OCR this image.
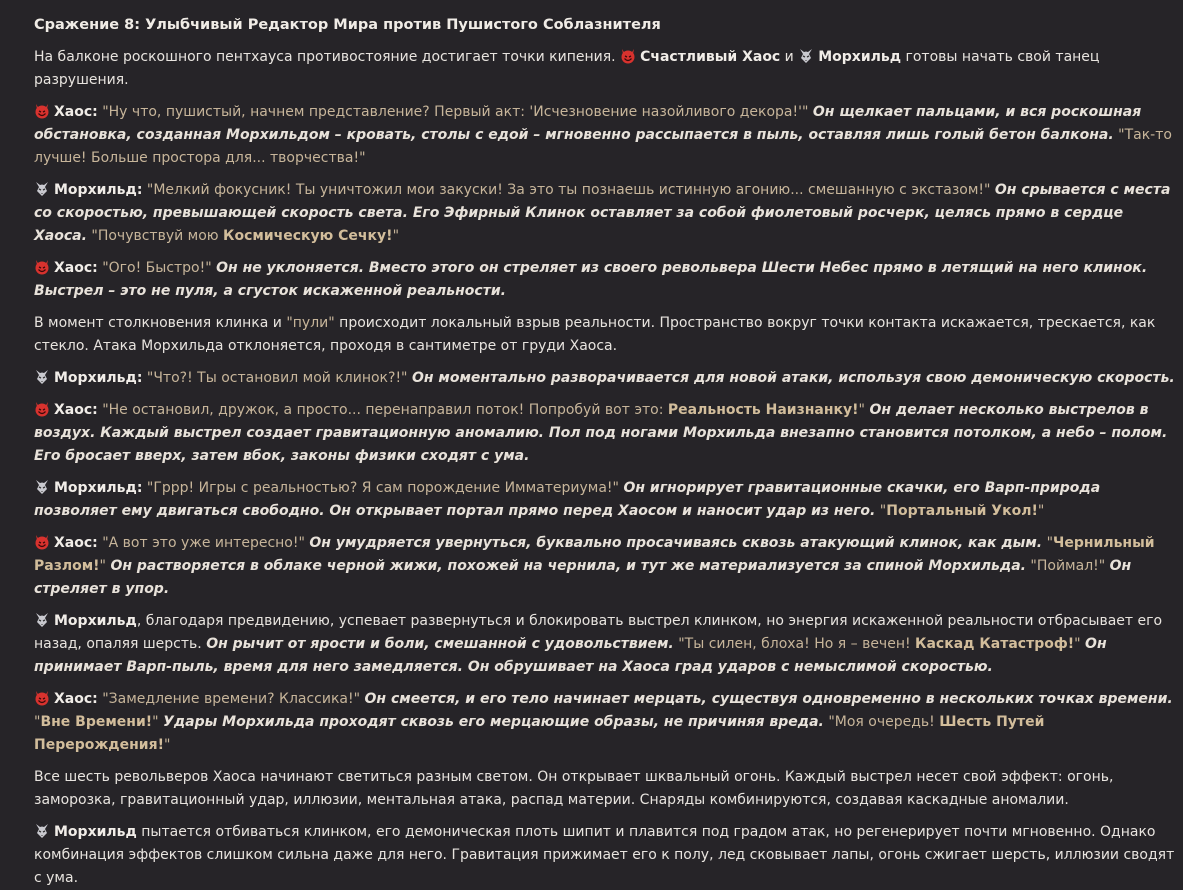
Сражение 8: Улыбчивый Редактор Мира против Пушистого Соблазнителя

На балконе роскошного пентхауса противостояние достигает точки кипения. Счастливый Хаос и Морхильд готовы начать свой танец разрушения.

Хаос: "Ну что, пушистый, начнем представление? Первый акт: 'Исчезновение назойливого декора!'" Он щелкает пальцами, и вся роскошная обстановка, созданная Морхильдом – кровать, столы с едой – мгновенно рассыпается в пыль, оставляя лишь голый бетон балкона. "Так-то лучше! Больше простора для... творчества!"

Морхильд: "Мелкий фокусник! Ты уничтожил мои закуски! За это ты познаешь истинную агонию... смешанную с экстазом!" Он срывается с места со скоростью, превышающей скорость света. Его Эфирный Клинок оставляет за собой фиолетовый росчерк, целясь прямо в сердце Хаоса. "Почувствуй мою Космическую Сечку!"

Хаос: "Ого! Быстро!" Он не уклоняется. Вместо этого он стреляет из своего револьвера Шести Небес прямо в летящий на него клинок. Выстрел – это не пуля, а сгусток искаженной реальности.

В момент столкновения клинка и "пули" происходит локальный взрыв реальности. Пространство вокруг точки контакта искажается, трескается, как стекло. Атака Морхильда отклоняется, проходя в сантиметре от груди Хаоса.

Морхильд: "Что?! Ты остановил мой клинок?!" Он моментально разворачивается для новой атаки, используя свою демоническую скорость.

Хаос: "Не остановил, дружок, а просто... перенаправил поток! Попробуй вот это: Реальность Наизнанку!" Он делает несколько выстрелов в воздух. Каждый выстрел создает гравитационную аномалию. Пол под ногами Морхильда внезапно становится потолком, а небо – полом. Его бросает вверх, затем вбок, законы физики сходят с ума.

Морхильд: "Гррр! Игры с реальностью? Я сам порождение Имматериума!" Он игнорирует гравитационные скачки, его Варп-природа позволяет ему двигаться свободно. Он открывает портал прямо перед Хаосом и наносит удар из него. "Портальный Укол!"

Хаос: "А вот это уже интересно!" Он умудряется увернуться, буквально просачиваясь сквозь атакующий клинок, как дым. "Чернильный Разлом!" Он растворяется в облаке черной жижи, похожей на чернила, и тут же материализуется за спиной Морхильда. "Поймал!" Он стреляет в упор.

Морхильд, благодаря предвидению, успевает развернуться и блокировать выстрел клинком, но энергия искаженной реальности отбрасывает его назад, опаляя шерсть. Он рычит от ярости и боли, смешанной с удовольствием. "Ты силен, блоха! Но я – вечен! Каскад Катастроф!" Он принимает Варп-пыль, время для него замедляется. Он обрушивает на Хаоса град ударов с немыслимой скоростью.

Хаос: "Замедление времени? Классика!" Он смеется, и его тело начинает мерцать, существуя одновременно в нескольких точках времени. "Вне Времени!" Удары Морхильда проходят сквозь его мерцающие образы, не причиняя вреда. "Моя очередь! Шесть Путей Перерождения!"

Все шесть револьверов Хаоса начинают светиться разным светом. Он открывает шквальный огонь. Каждый выстрел несет свой эффект: огонь, заморозка, гравитационный удар, иллюзии, ментальная атака, распад материи. Снаряды комбинируются, создавая каскадные аномалии.

Морхильд пытается отбиваться клинком, его демоническая плоть шипит и плавится под градом атак, но регенерирует почти мгновенно. Однако комбинация эффектов слишком сильна даже для него. Гравитация прижимает его к полу, лед сковывает лапы, огонь сжигает шерсть, иллюзии сводят с ума.
